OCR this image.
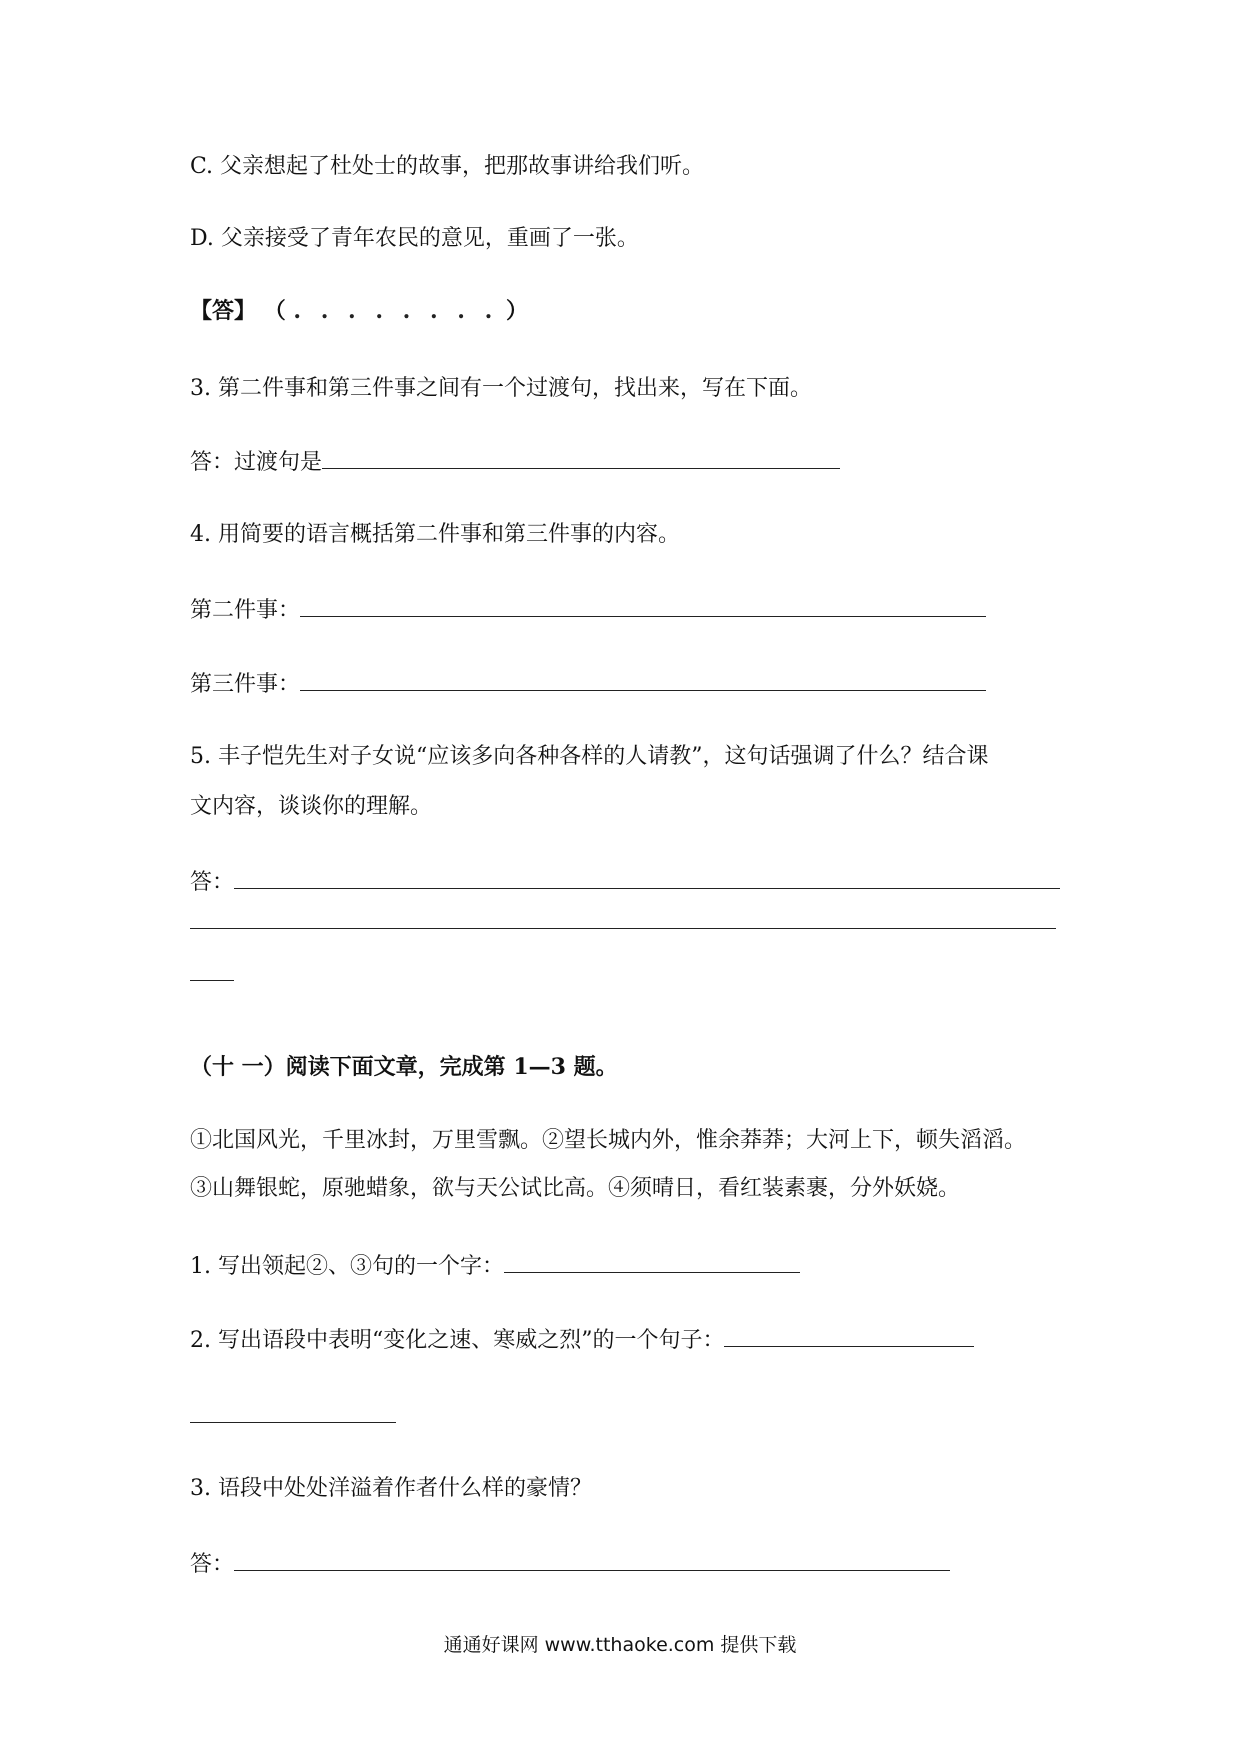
C. 父亲想起了杜处士的故事，把那故事讲给我们听。
D. 父亲接受了青年农民的意见，重画了一张。
【答】 （ . . . . . . . . ）
3. 第二件事和第三件事之间有一个过渡句，找出来，写在下面。
答：过渡句是
4. 用简要的语言概括第二件事和第三件事的内容。
第二件事：
第三件事：
5. 丰子恺先生对子女说“应该多向各种各样的人请教”，这句话强调了什么？结合课
文内容，谈谈你的理解。
答：
（十 一）阅读下面文章，完成第 1—3 题。
①北国风光，千里冰封，万里雪飘。②望长城内外，惟余莽莽；大河上下，顿失滔滔。
③山舞银蛇，原驰蜡象，欲与天公试比高。④须晴日，看红装素裹，分外妖娆。
1. 写出领起②、③句的一个字：
2. 写出语段中表明“变化之速、寒威之烈”的一个句子：
3. 语段中处处洋溢着作者什么样的豪情？
答：
通通好课网 www.tthaoke.com 提供下载
